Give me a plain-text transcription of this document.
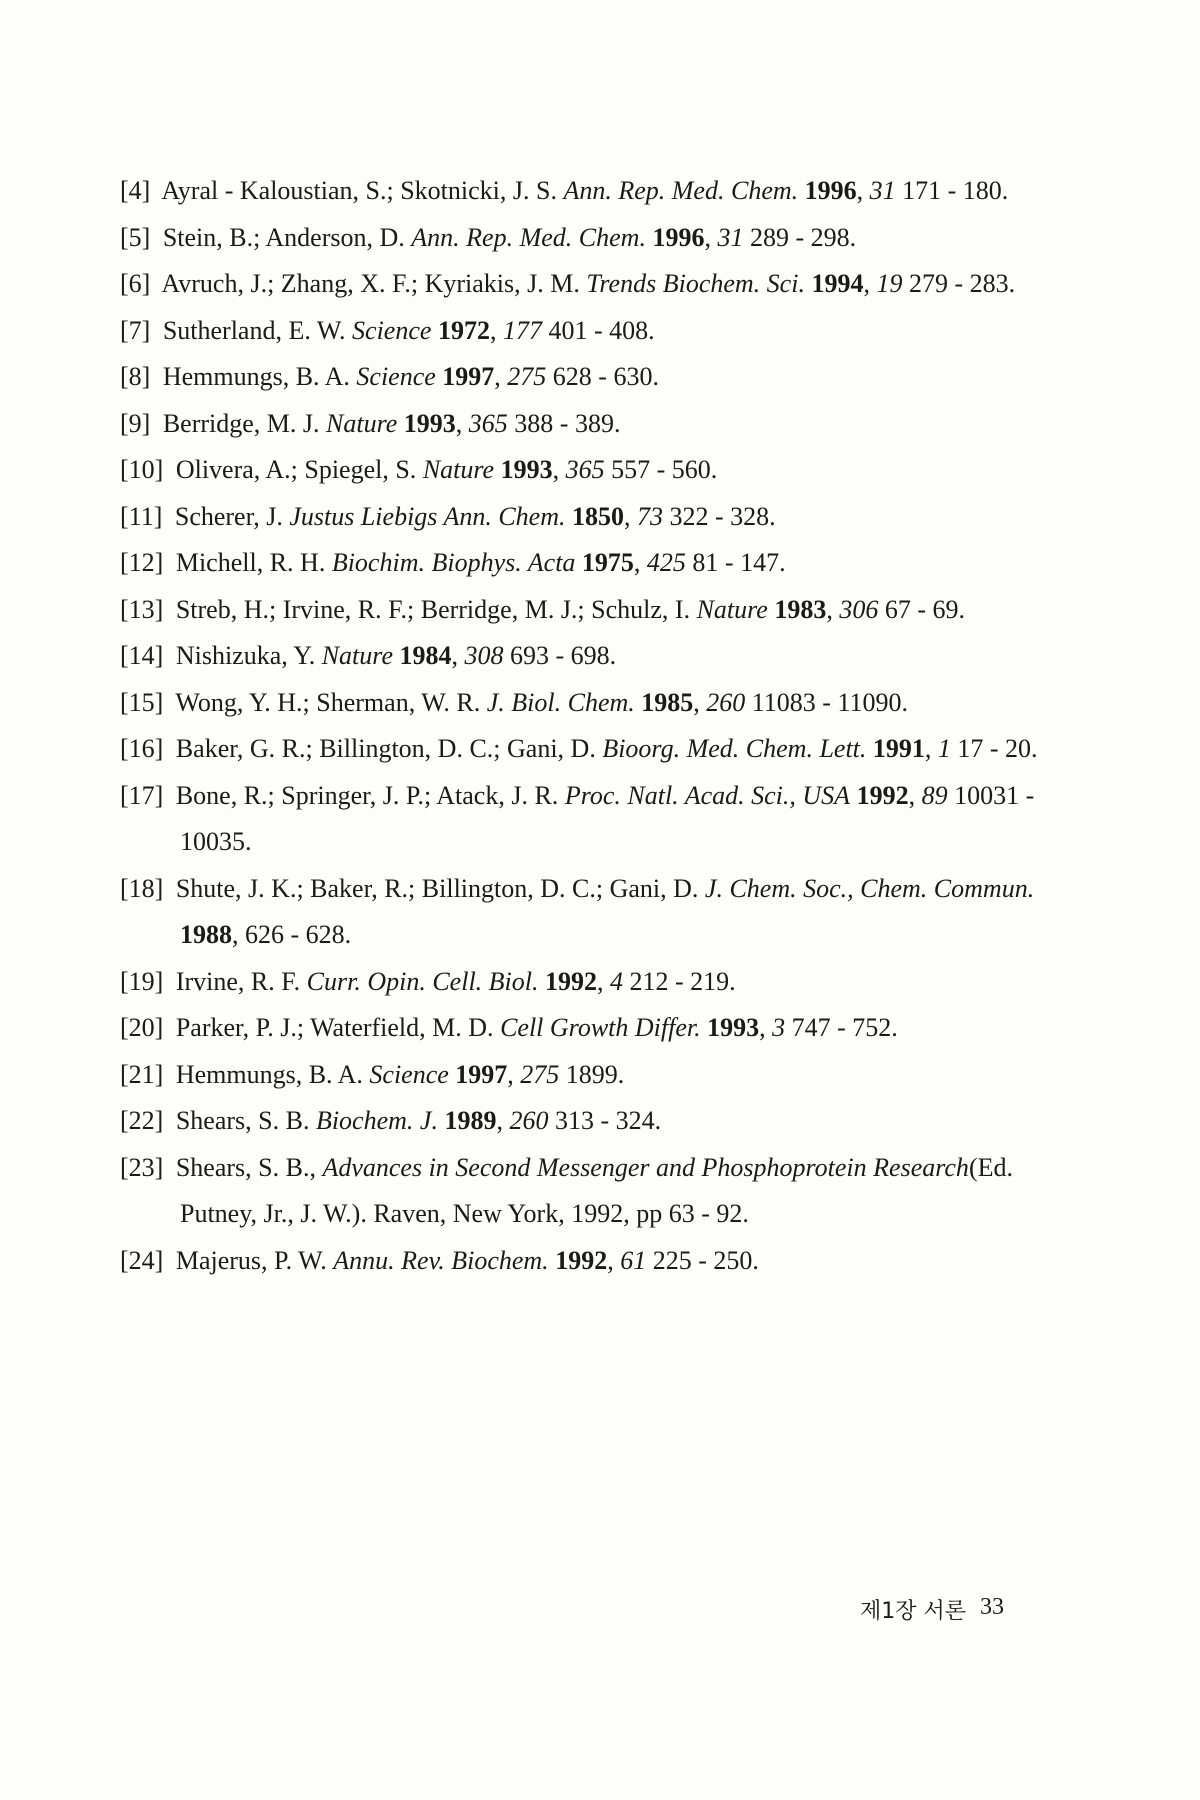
[4] Ayral - Kaloustian, S.; Skotnicki, J. S. Ann. Rep. Med. Chem. 1996, 31 171 - 180.
[5] Stein, B.; Anderson, D. Ann. Rep. Med. Chem. 1996, 31 289 - 298.
[6] Avruch, J.; Zhang, X. F.; Kyriakis, J. M. Trends Biochem. Sci. 1994, 19 279 - 283.
[7] Sutherland, E. W. Science 1972, 177 401 - 408.
[8] Hemmungs, B. A. Science 1997, 275 628 - 630.
[9] Berridge, M. J. Nature 1993, 365 388 - 389.
[10] Olivera, A.; Spiegel, S. Nature 1993, 365 557 - 560.
[11] Scherer, J. Justus Liebigs Ann. Chem. 1850, 73 322 - 328.
[12] Michell, R. H. Biochim. Biophys. Acta 1975, 425 81 - 147.
[13] Streb, H.; Irvine, R. F.; Berridge, M. J.; Schulz, I. Nature 1983, 306 67 - 69.
[14] Nishizuka, Y. Nature 1984, 308 693 - 698.
[15] Wong, Y. H.; Sherman, W. R. J. Biol. Chem. 1985, 260 11083 - 11090.
[16] Baker, G. R.; Billington, D. C.; Gani, D. Bioorg. Med. Chem. Lett. 1991, 1 17 - 20.
[17] Bone, R.; Springer, J. P.; Atack, J. R. Proc. Natl. Acad. Sci., USA 1992, 89 10031 - 10035.
[18] Shute, J. K.; Baker, R.; Billington, D. C.; Gani, D. J. Chem. Soc., Chem. Commun. 1988, 626 - 628.
[19] Irvine, R. F. Curr. Opin. Cell. Biol. 1992, 4 212 - 219.
[20] Parker, P. J.; Waterfield, M. D. Cell Growth Differ. 1993, 3 747 - 752.
[21] Hemmungs, B. A. Science 1997, 275 1899.
[22] Shears, S. B. Biochem. J. 1989, 260 313 - 324.
[23] Shears, S. B., Advances in Second Messenger and Phosphoprotein Research(Ed. Putney, Jr., J. W.). Raven, New York, 1992, pp 63 - 92.
[24] Majerus, P. W. Annu. Rev. Biochem. 1992, 61 225 - 250.
제1장 서론 33
